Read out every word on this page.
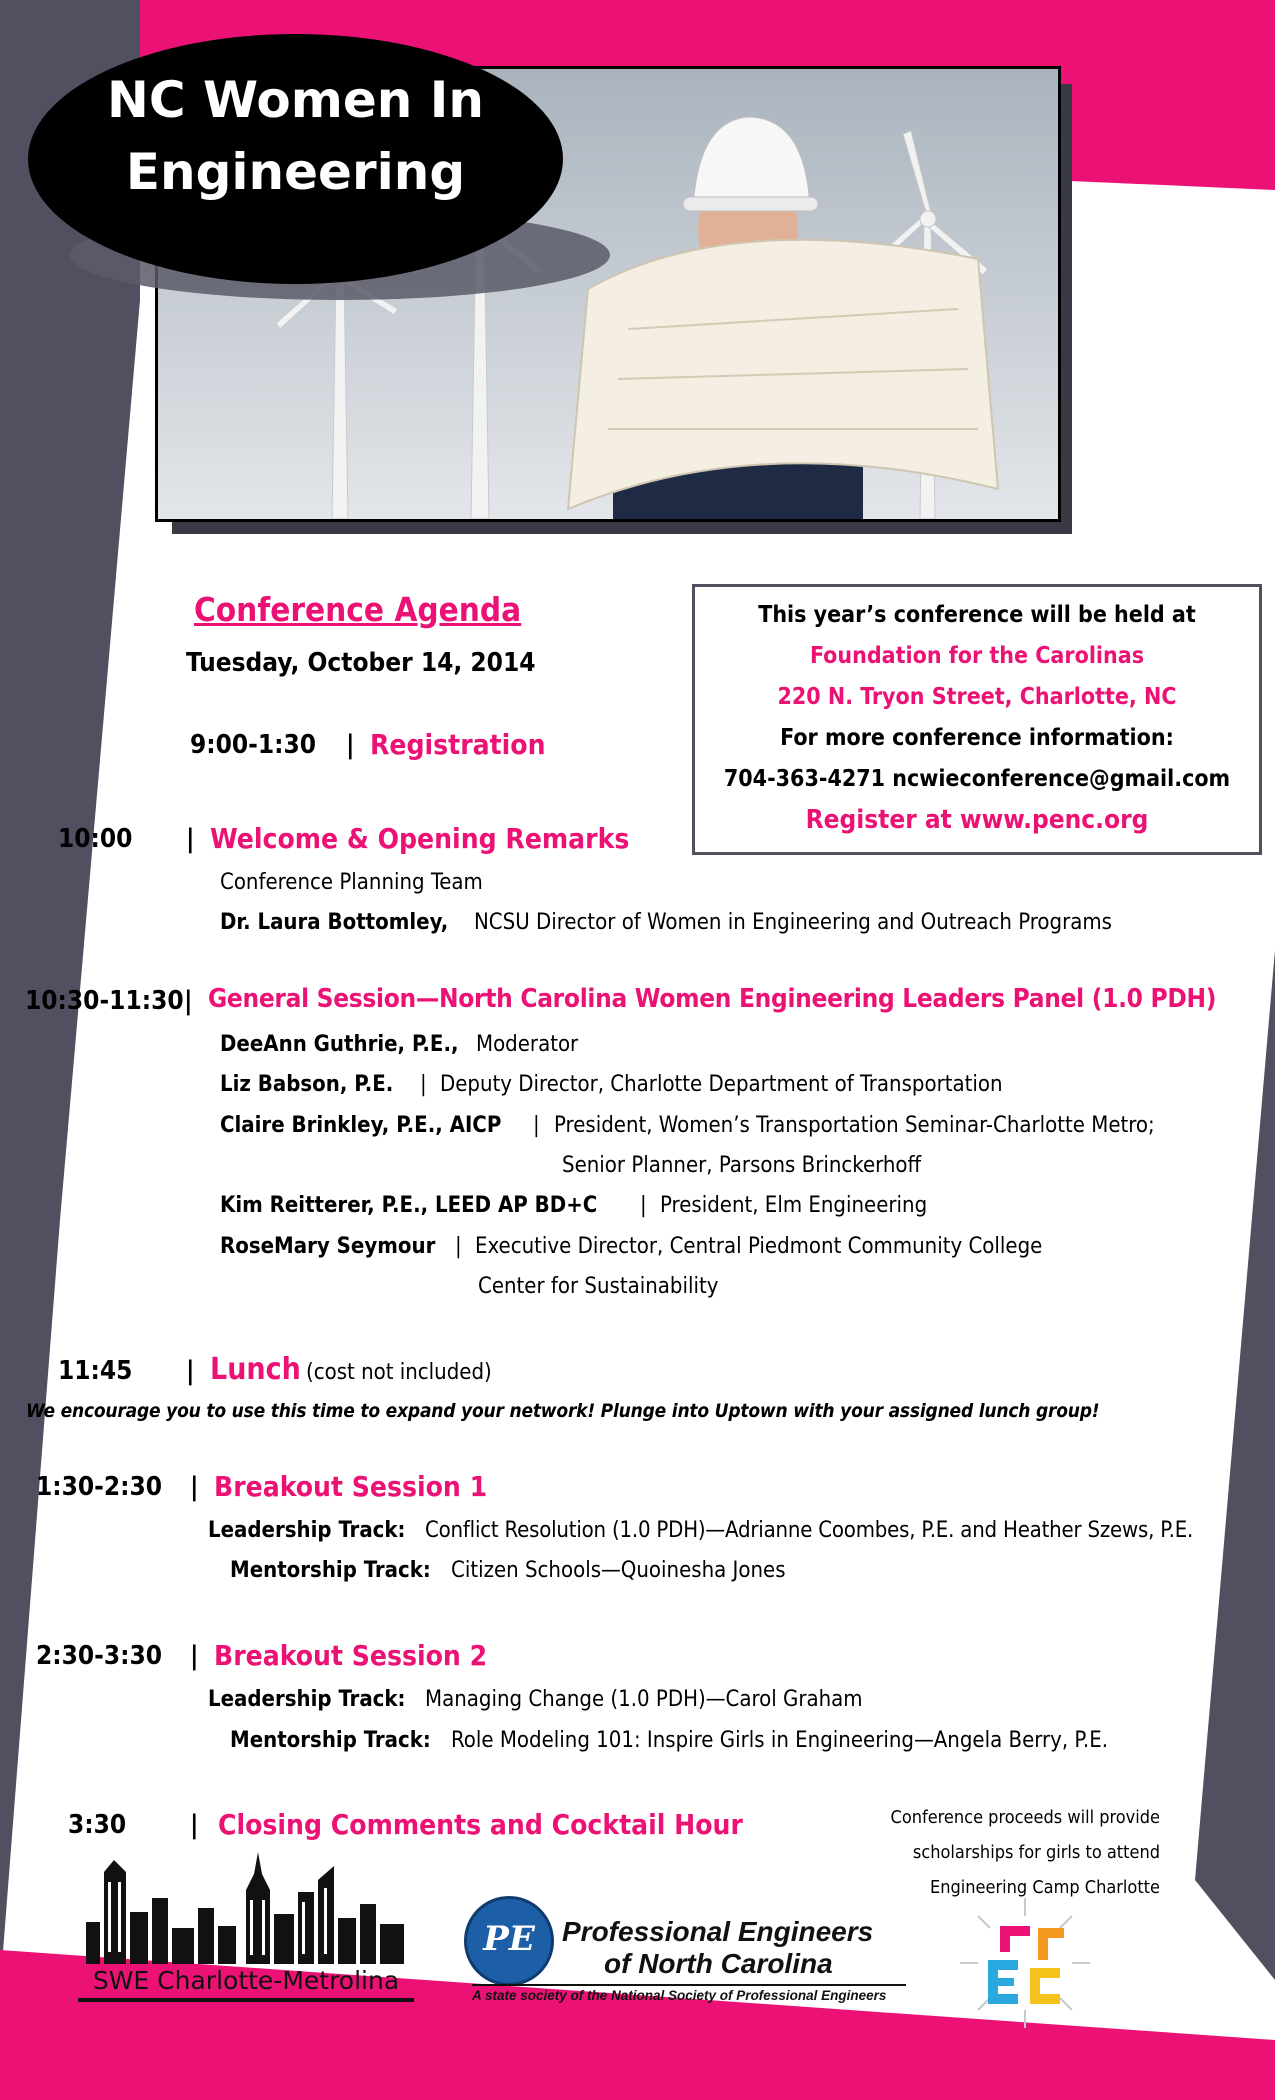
NC Women In
Engineering
Conference Agenda
Tuesday, October 14, 2014
This year’s conference will be held at
Foundation for the Carolinas
220 N. Tryon Street, Charlotte, NC
For more conference information:
704-363-4271 ncwieconference@gmail.com
Register at www.penc.org
9:00-1:30 | Registration
10:00 | Welcome & Opening Remarks
Conference Planning Team
Dr. Laura Bottomley, NCSU Director of Women in Engineering and Outreach Programs
10:30-11:30 | General Session—North Carolina Women Engineering Leaders Panel (1.0 PDH)
DeeAnn Guthrie, P.E., Moderator
Liz Babson, P.E. | Deputy Director, Charlotte Department of Transportation
Claire Brinkley, P.E., AICP | President, Women’s Transportation Seminar-Charlotte Metro;
Senior Planner, Parsons Brinckerhoff
Kim Reitterer, P.E., LEED AP BD+C | President, Elm Engineering
RoseMary Seymour | Executive Director, Central Piedmont Community College
Center for Sustainability
11:45 | Lunch (cost not included)
We encourage you to use this time to expand your network! Plunge into Uptown with your assigned lunch group!
1:30-2:30 | Breakout Session 1
Leadership Track: Conflict Resolution (1.0 PDH)—Adrianne Coombes, P.E. and Heather Szews, P.E.
Mentorship Track: Citizen Schools—Quoinesha Jones
2:30-3:30 | Breakout Session 2
Leadership Track: Managing Change (1.0 PDH)—Carol Graham
Mentorship Track: Role Modeling 101: Inspire Girls in Engineering—Angela Berry, P.E.
3:30 | Closing Comments and Cocktail Hour	Conference proceeds will provide
scholarships for girls to attend
Engineering Camp Charlotte
SWE Charlotte-Metrolina
PE Professional Engineers
of North Carolina
A state society of the National Society of Professional Engineers
